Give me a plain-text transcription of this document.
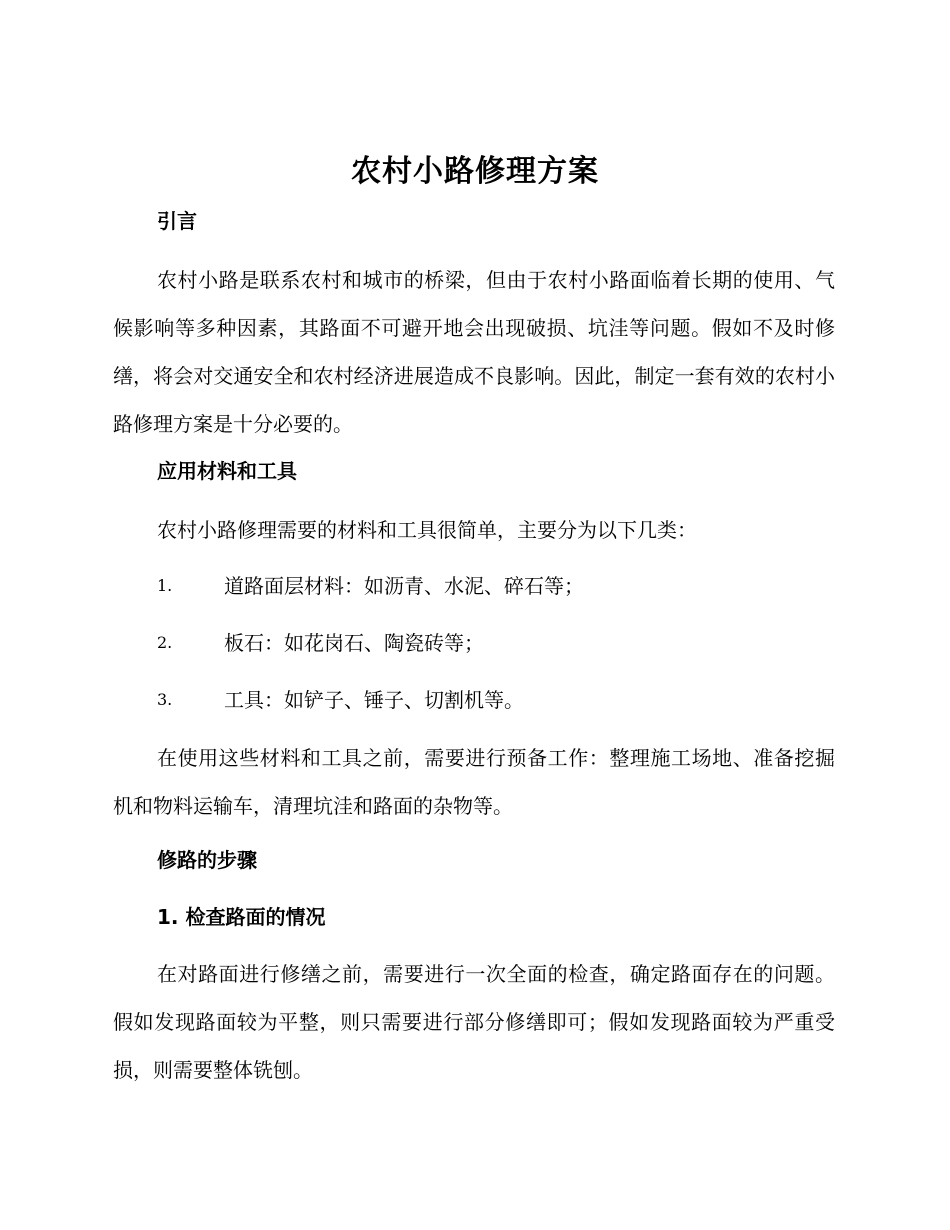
农村小路修理方案
引言
农村小路是联系农村和城市的桥梁，但由于农村小路面临着长期的使用、气候影响等多种因素，其路面不可避开地会出现破损、坑洼等问题。假如不及时修缮，将会对交通安全和农村经济进展造成不良影响。因此，制定一套有效的农村小路修理方案是十分必要的。
应用材料和工具
农村小路修理需要的材料和工具很简单，主要分为以下几类：
1.	道路面层材料：如沥青、水泥、碎石等；
2.	板石：如花岗石、陶瓷砖等；
3.	工具：如铲子、锤子、切割机等。
在使用这些材料和工具之前，需要进行预备工作：整理施工场地、准备挖掘机和物料运输车，清理坑洼和路面的杂物等。
修路的步骤
1. 检查路面的情况
在对路面进行修缮之前，需要进行一次全面的检查，确定路面存在的问题。假如发现路面较为平整，则只需要进行部分修缮即可；假如发现路面较为严重受损，则需要整体铣刨。
